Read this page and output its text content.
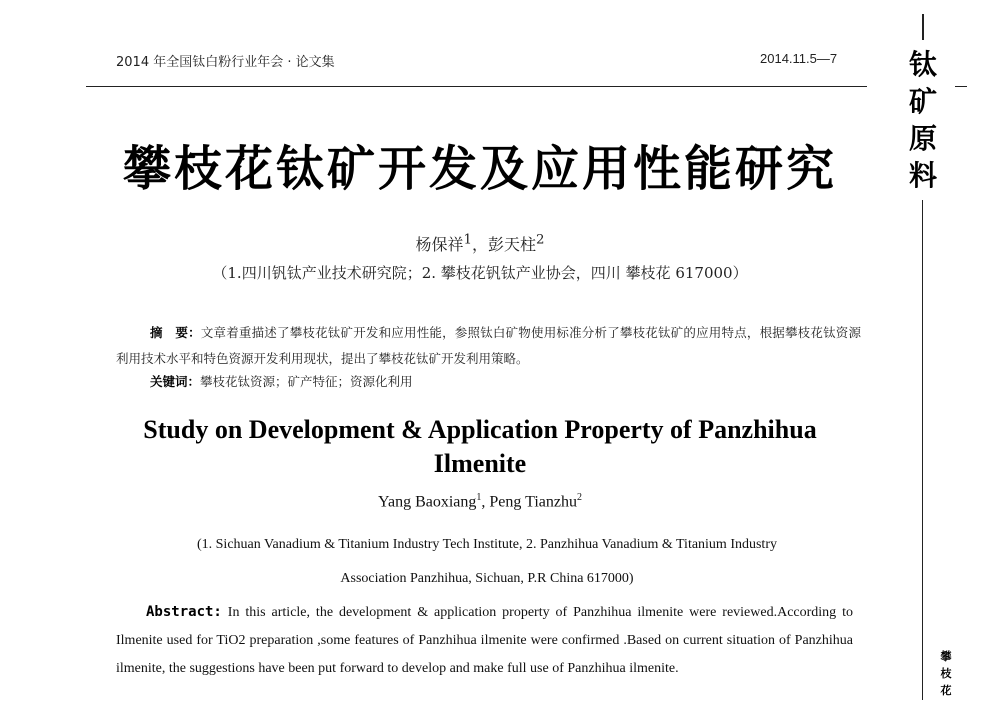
2014 年全国钛白粉行业年会 · 论文集	2014.11.5—7	钛矿原料
攀枝花
攀枝花钛矿开发及应用性能研究
杨保祥$^1$，彭天柱$^2$
（1.四川钒钛产业技术研究院；2. 攀枝花钒钛产业协会，四川 攀枝花 617000）
摘　要：文章着重描述了攀枝花钛矿开发和应用性能，参照钛白矿物使用标准分析了攀枝花钛矿的应用特点，根据攀枝花钛资源利用技术水平和特色资源开发利用现状，提出了攀枝花钛矿开发利用策略。
关键词：攀枝花钛资源；矿产特征；资源化利用
Study on Development & Application Property of Panzhihua Ilmenite
Yang Baoxiang$^1$, Peng Tianzhu$^2$
(1. Sichuan Vanadium & Titanium Industry Tech Institute, 2. Panzhihua Vanadium & Titanium Industry
Association Panzhihua, Sichuan, P.R China 617000)
Abstract: In this article, the development & application property of Panzhihua ilmenite were reviewed.According to Ilmenite used for TiO2 preparation ,some features of Panzhihua ilmenite were confirmed .Based on current situation of Panzhihua ilmenite, the suggestions have been put forward to develop and make full use of Panzhihua ilmenite.
